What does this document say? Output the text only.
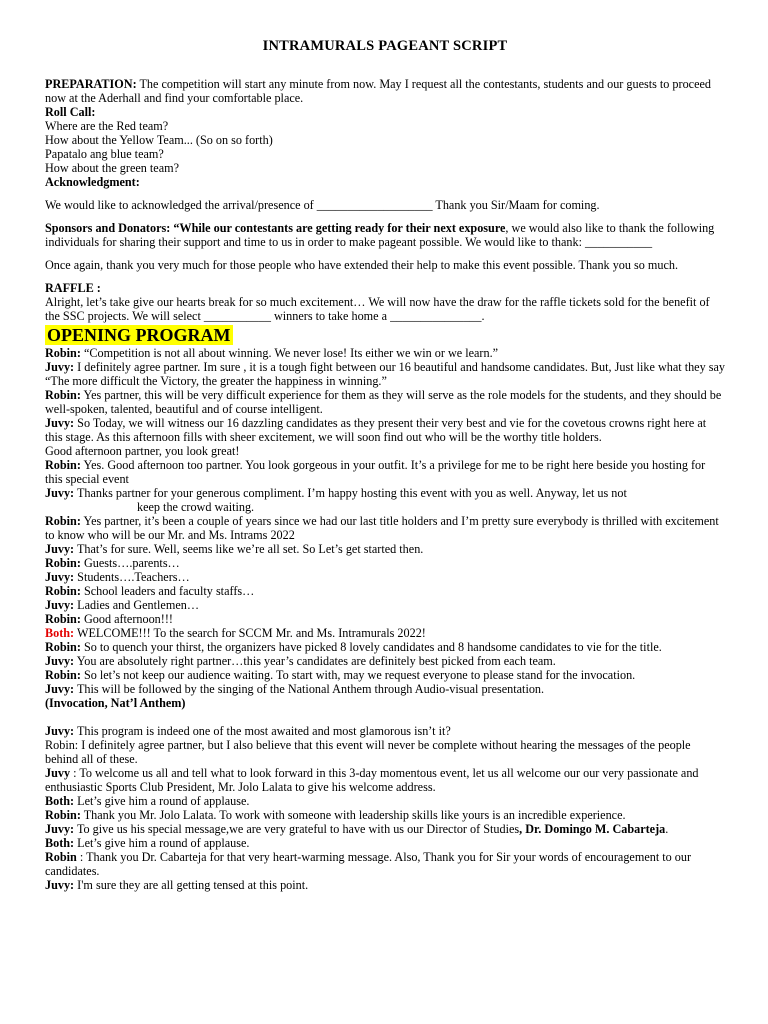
INTRAMURALS PAGEANT SCRIPT

PREPARATION: The competition will start any minute from now. May I request all the contestants, students and our guests to proceed now at the Aderhall and find your comfortable place.

Roll Call:

Where are the Red team?

How about the Yellow Team... (So on so forth)

Papatalo ang blue team?

How about the green team?

Acknowledgment:

We would like to acknowledged the arrival/presence of ___________________ Thank you Sir/Maam for coming.

Sponsors and Donators: “While our contestants are getting ready for their next exposure, we would also like to thank the following individuals for sharing their support and time to us in order to make pageant possible. We would like to thank: ___________

Once again, thank you very much for those people who have extended their help to make this event possible. Thank you so much.

RAFFLE :

Alright, let’s take give our hearts break for so much excitement… We will now have the draw for the raffle tickets sold for the benefit of the SSC projects. We will select ___________ winners to take home a _______________.

OPENING PROGRAM

Robin: “Competition is not all about winning. We never lose! Its either we win or we learn.”

Juvy: I definitely agree partner. Im sure , it is a tough fight between our 16 beautiful and handsome candidates. But, Just like what they say “The more difficult the Victory, the greater the happiness in winning.”

Robin: Yes partner, this will be very difficult experience for them as they will serve as the role models for the students, and they should be well-spoken, talented, beautiful and of course intelligent.

Juvy: So Today, we will witness our 16 dazzling candidates as they present their very best and vie for the covetous crowns right here at this stage. As this afternoon fills with sheer excitement, we will soon find out who will be the worthy title holders.

Good afternoon partner, you look great!

Robin: Yes. Good afternoon too partner. You look gorgeous in your outfit. It’s a privilege for me to be right here beside you hosting for this special event

Juvy: Thanks partner for your generous compliment. I’m happy hosting this event with you as well. Anyway, let us not

keep the crowd waiting.

Robin: Yes partner, it’s been a couple of years since we had our last title holders and I’m pretty sure everybody is thrilled with excitement to know who will be our Mr. and Ms. Intrams 2022

Juvy: That’s for sure. Well, seems like we’re all set. So Let’s get started then.

Robin: Guests….parents…

Juvy: Students….Teachers…

Robin: School leaders and faculty staffs…

Juvy: Ladies and Gentlemen…

Robin: Good afternoon!!!

Both: WELCOME!!! To the search for SCCM Mr. and Ms. Intramurals 2022!

Robin: So to quench your thirst, the organizers have picked 8 lovely candidates and 8 handsome candidates to vie for the title.

Juvy: You are absolutely right partner…this year’s candidates are definitely best picked from each team.

Robin: So let’s not keep our audience waiting. To start with, may we request everyone to please stand for the invocation.

Juvy: This will be followed by the singing of the National Anthem through Audio-visual presentation.

(Invocation, Nat’l Anthem)

Juvy: This program is indeed one of the most awaited and most glamorous isn’t it?

Robin: I definitely agree partner, but I also believe that this event will never be complete without hearing the messages of the people behind all of these.

Juvy : To welcome us all and tell what to look forward in this 3-day momentous event, let us all welcome our our very passionate and enthusiastic Sports Club President, Mr. Jolo Lalata to give his welcome address.

Both: Let’s give him a round of applause.

Robin: Thank you Mr. Jolo Lalata. To work with someone with leadership skills like yours is an incredible experience.

Juvy: To give us his special message,we are very grateful to have with us our Director of Studies, Dr. Domingo M. Cabarteja.

Both: Let’s give him a round of applause.

Robin : Thank you Dr. Cabarteja for that very heart-warming message. Also, Thank you for Sir your words of encouragement to our candidates.

Juvy: I'm sure they are all getting tensed at this point.
